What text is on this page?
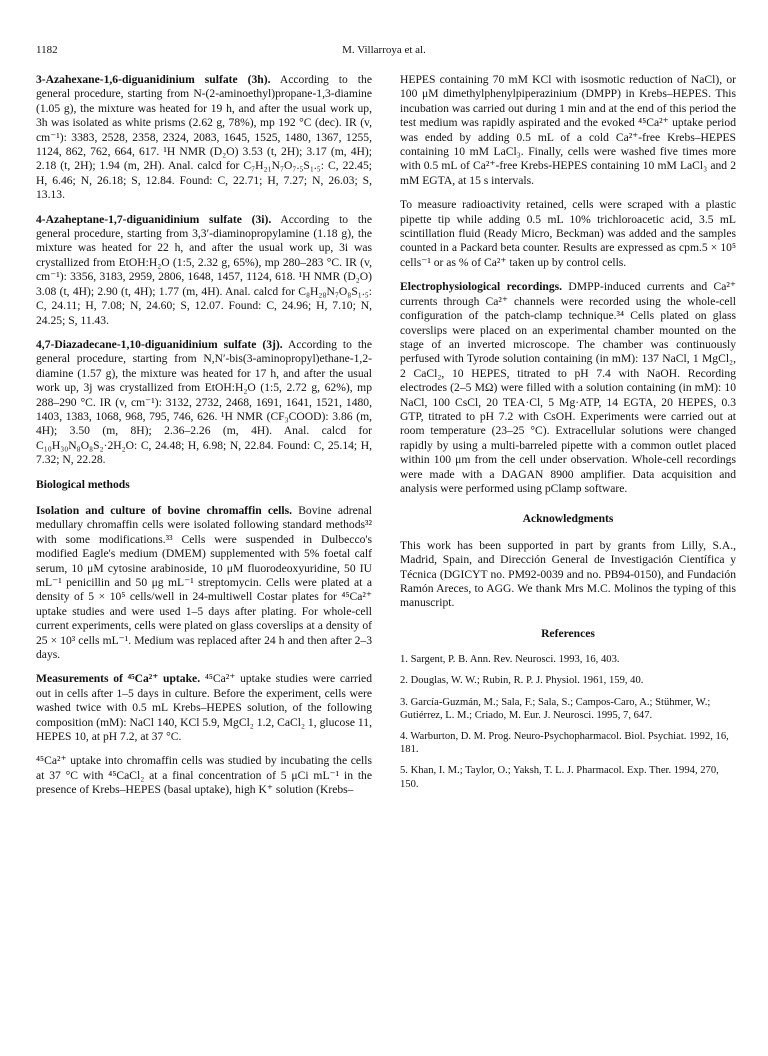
1182	M. Villarroya et al.

3-Azahexane-1,6-diguanidinium sulfate (3h). According to the general procedure, starting from N-(2-aminoethyl)propane-1,3-diamine (1.05 g), the mixture was heated for 19 h, and after the usual work up, 3h was isolated as white prisms (2.62 g, 78%), mp 192 °C (dec). IR (v, cm⁻¹): 3383, 2528, 2358, 2324, 2083, 1645, 1525, 1480, 1367, 1255, 1124, 862, 762, 664, 617. ¹H NMR (D₂O) 3.53 (t, 2H); 3.17 (m, 4H); 2.18 (t, 2H); 1.94 (m, 2H). Anal. calcd for C₇H₂₁N₇O₇.₅S₁.₅: C, 22.45; H, 6.46; N, 26.18; S, 12.84. Found: C, 22.71; H, 7.27; N, 26.03; S, 13.13.

4-Azaheptane-1,7-diguanidinium sulfate (3i). According to the general procedure, starting from 3,3′-diaminopropylamine (1.18 g), the mixture was heated for 22 h, and after the usual work up, 3i was crystallized from EtOH:H₂O (1:5, 2.32 g, 65%), mp 280–283 °C. IR (v, cm⁻¹): 3356, 3183, 2959, 2806, 1648, 1457, 1124, 618. ¹H NMR (D₂O) 3.08 (t, 4H); 2.90 (t, 4H); 1.77 (m, 4H). Anal. calcd for C₈H₂₈N₇O₈S₁.₅: C, 24.11; H, 7.08; N, 24.60; S, 12.07. Found: C, 24.96; H, 7.10; N, 24.25; S, 11.43.

4,7-Diazadecane-1,10-diguanidinium sulfate (3j). According to the general procedure, starting from N,N′-bis(3-aminopropyl)ethane-1,2-diamine (1.57 g), the mixture was heated for 17 h, and after the usual work up, 3j was crystallized from EtOH:H₂O (1:5, 2.72 g, 62%), mp 288–290 °C. IR (v, cm⁻¹): 3132, 2732, 2468, 1691, 1641, 1521, 1480, 1403, 1383, 1068, 968, 795, 746, 626. ¹H NMR (CF₃COOD): 3.86 (m, 4H); 3.50 (m, 8H); 2.36–2.26 (m, 4H). Anal. calcd for C₁₀H₃₀N₈O₈S₂·2H₂O: C, 24.48; H, 6.98; N, 22.84. Found: C, 25.14; H, 7.32; N, 22.28.

Biological methods

Isolation and culture of bovine chromaffin cells. Bovine adrenal medullary chromaffin cells were isolated following standard methods³² with some modifications.³³ Cells were suspended in Dulbecco's modified Eagle's medium (DMEM) supplemented with 5% foetal calf serum, 10 μM cytosine arabinoside, 10 μM fluorodeoxyuridine, 50 IU mL⁻¹ penicillin and 50 μg mL⁻¹ streptomycin. Cells were plated at a density of 5 × 10⁵ cells/well in 24-multiwell Costar plates for ⁴⁵Ca²⁺ uptake studies and were used 1–5 days after plating. For whole-cell current experiments, cells were plated on glass coverslips at a density of 25 × 10³ cells mL⁻¹. Medium was replaced after 24 h and then after 2–3 days.

Measurements of ⁴⁵Ca²⁺ uptake. ⁴⁵Ca²⁺ uptake studies were carried out in cells after 1–5 days in culture. Before the experiment, cells were washed twice with 0.5 mL Krebs–HEPES solution, of the following composition (mM): NaCl 140, KCl 5.9, MgCl₂ 1.2, CaCl₂ 1, glucose 11, HEPES 10, at pH 7.2, at 37 °C.

⁴⁵Ca²⁺ uptake into chromaffin cells was studied by incubating the cells at 37 °C with ⁴⁵CaCl₂ at a final concentration of 5 μCi mL⁻¹ in the presence of Krebs–HEPES (basal uptake), high K⁺ solution (Krebs–

HEPES containing 70 mM KCl with isosmotic reduction of NaCl), or 100 μM dimethylphenylpiperazinium (DMPP) in Krebs–HEPES. This incubation was carried out during 1 min and at the end of this period the test medium was rapidly aspirated and the evoked ⁴⁵Ca²⁺ uptake period was ended by adding 0.5 mL of a cold Ca²⁺-free Krebs–HEPES containing 10 mM LaCl₃. Finally, cells were washed five times more with 0.5 mL of Ca²⁺-free Krebs-HEPES containing 10 mM LaCl₃ and 2 mM EGTA, at 15 s intervals.

To measure radioactivity retained, cells were scraped with a plastic pipette tip while adding 0.5 mL 10% trichloroacetic acid, 3.5 mL scintillation fluid (Ready Micro, Beckman) was added and the samples counted in a Packard beta counter. Results are expressed as cpm.5 × 10⁵ cells⁻¹ or as % of Ca²⁺ taken up by control cells.

Electrophysiological recordings. DMPP-induced currents and Ca²⁺ currents through Ca²⁺ channels were recorded using the whole-cell configuration of the patch-clamp technique.³⁴ Cells plated on glass coverslips were placed on an experimental chamber mounted on the stage of an inverted microscope. The chamber was continuously perfused with Tyrode solution containing (in mM): 137 NaCl, 1 MgCl₂, 2 CaCl₂, 10 HEPES, titrated to pH 7.4 with NaOH. Recording electrodes (2–5 MΩ) were filled with a solution containing (in mM): 10 NaCl, 100 CsCl, 20 TEA·Cl, 5 Mg·ATP, 14 EGTA, 20 HEPES, 0.3 GTP, titrated to pH 7.2 with CsOH. Experiments were carried out at room temperature (23–25 °C). Extracellular solutions were changed rapidly by using a multi-barreled pipette with a common outlet placed within 100 μm from the cell under observation. Whole-cell recordings were made with a DAGAN 8900 amplifier. Data acquisition and analysis were performed using pClamp software.

Acknowledgments

This work has been supported in part by grants from Lilly, S.A., Madrid, Spain, and Dirección General de Investigación Científica y Técnica (DGICYT no. PM92-0039 and no. PB94-0150), and Fundación Ramón Areces, to AGG. We thank Mrs M.C. Molinos the typing of this manuscript.

References
1. Sargent, P. B. Ann. Rev. Neurosci. 1993, 16, 403.
2. Douglas, W. W.; Rubin, R. P. J. Physiol. 1961, 159, 40.
3. García-Guzmán, M.; Sala, F.; Sala, S.; Campos-Caro, A.; Stühmer, W.; Gutiérrez, L. M.; Criado, M. Eur. J. Neurosci. 1995, 7, 647.
4. Warburton, D. M. Prog. Neuro-Psychopharmacol. Biol. Psychiat. 1992, 16, 181.
5. Khan, I. M.; Taylor, O.; Yaksh, T. L. J. Pharmacol. Exp. Ther. 1994, 270, 150.
